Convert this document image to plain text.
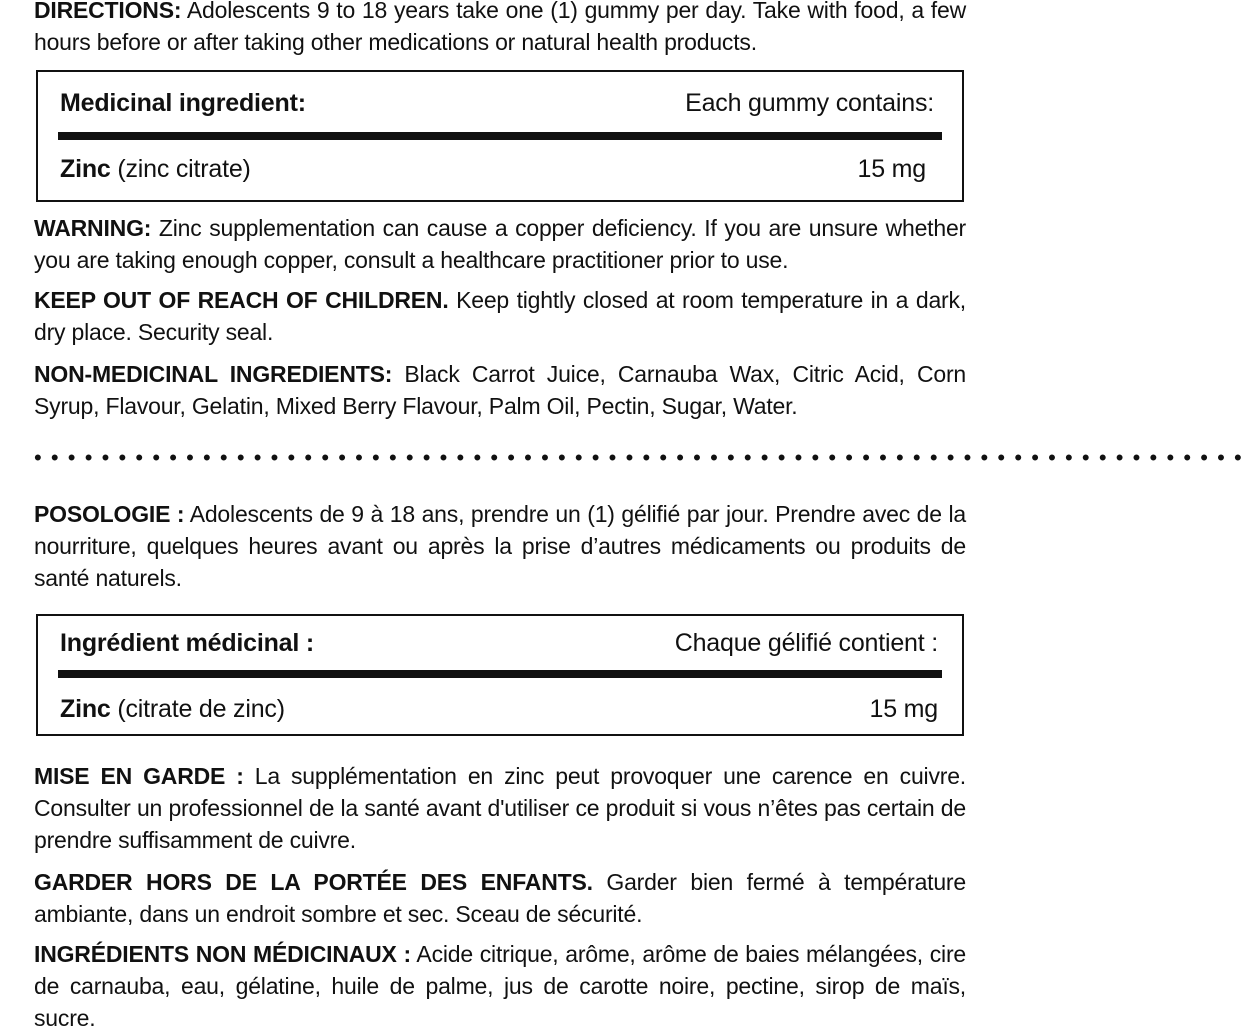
DIRECTIONS: Adolescents 9 to 18 years take one (1) gummy per day. Take with food, a few hours before or after taking other medications or natural health products.

Medicinal ingredient:	Each gummy contains:
Zinc (zinc citrate)	15 mg

WARNING: Zinc supplementation can cause a copper deficiency. If you are unsure whether you are taking enough copper, consult a healthcare practitioner prior to use.

KEEP OUT OF REACH OF CHILDREN. Keep tightly closed at room temperature in a dark, dry place. Security seal.

NON-MEDICINAL INGREDIENTS: Black Carrot Juice, Carnauba Wax, Citric Acid, Corn Syrup, Flavour, Gelatin, Mixed Berry Flavour, Palm Oil, Pectin, Sugar, Water.

POSOLOGIE : Adolescents de 9 à 18 ans, prendre un (1) gélifié par jour. Prendre avec de la nourriture, quelques heures avant ou après la prise d’autres médicaments ou produits de santé naturels.

Ingrédient médicinal :	Chaque gélifié contient :
Zinc (citrate de zinc)	15 mg

MISE EN GARDE : La supplémentation en zinc peut provoquer une carence en cuivre. Consulter un professionnel de la santé avant d'utiliser ce produit si vous n’êtes pas certain de prendre suffisamment de cuivre.

GARDER HORS DE LA PORTÉE DES ENFANTS. Garder bien fermé à température ambiante, dans un endroit sombre et sec. Sceau de sécurité.

INGRÉDIENTS NON MÉDICINAUX : Acide citrique, arôme, arôme de baies mélangées, cire de carnauba, eau, gélatine, huile de palme, jus de carotte noire, pectine, sirop de maïs, sucre.

••••••••••••••••••••••••••••••••••••••••••••••••••••••••••••••••••••••••
